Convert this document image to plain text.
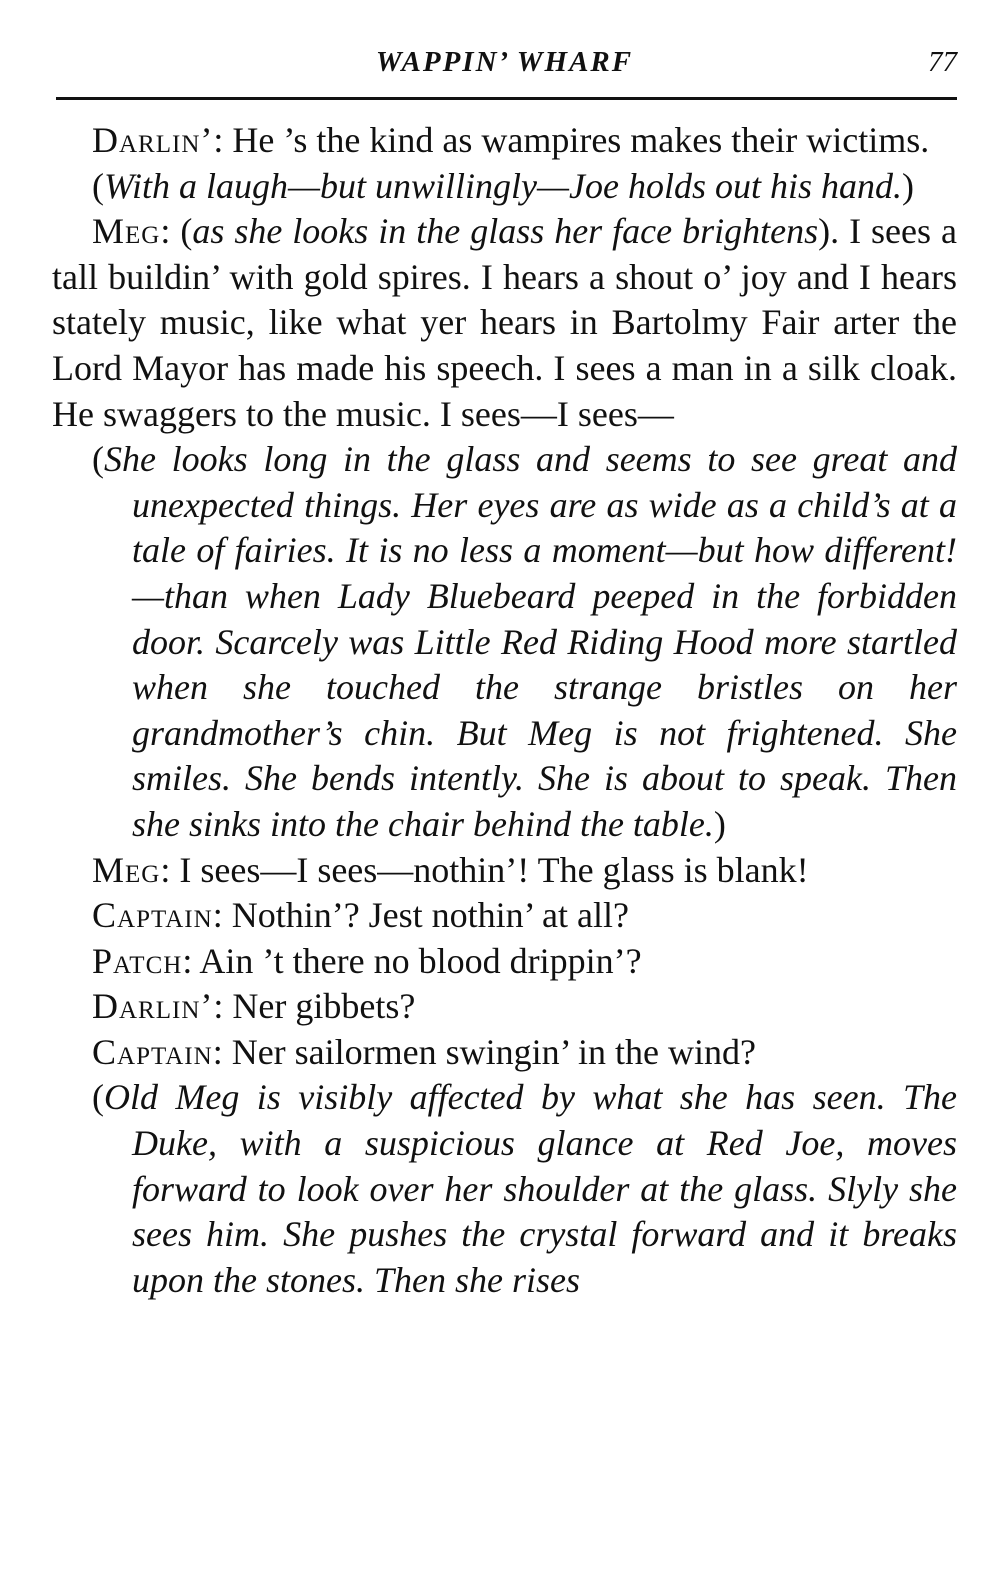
WAPPIN’ WHARF	77

Darlin’: He ’s the kind as wampires makes their wictims.

(With a laugh—but unwillingly—Joe holds out his hand.)

Meg: (as she looks in the glass her face brightens). I sees a tall buildin’ with gold spires. I hears a shout o’ joy and I hears stately music, like what yer hears in Bartolmy Fair arter the Lord Mayor has made his speech. I sees a man in a silk cloak. He swaggers to the music. I sees—I sees—

(She looks long in the glass and seems to see great and unexpected things. Her eyes are as wide as a child’s at a tale of fairies. It is no less a moment—but how different!—than when Lady Bluebeard peeped in the forbidden door. Scarcely was Little Red Riding Hood more startled when she touched the strange bristles on her grandmother’s chin. But Meg is not frightened. She smiles. She bends intently. She is about to speak. Then she sinks into the chair behind the table.)

Meg: I sees—I sees—nothin’! The glass is blank!

Captain: Nothin’? Jest nothin’ at all?

Patch: Ain ’t there no blood drippin’?

Darlin’: Ner gibbets?

Captain: Ner sailormen swingin’ in the wind?

(Old Meg is visibly affected by what she has seen. The Duke, with a suspicious glance at Red Joe, moves forward to look over her shoulder at the glass. Slyly she sees him. She pushes the crystal forward and it breaks upon the stones. Then she rises
